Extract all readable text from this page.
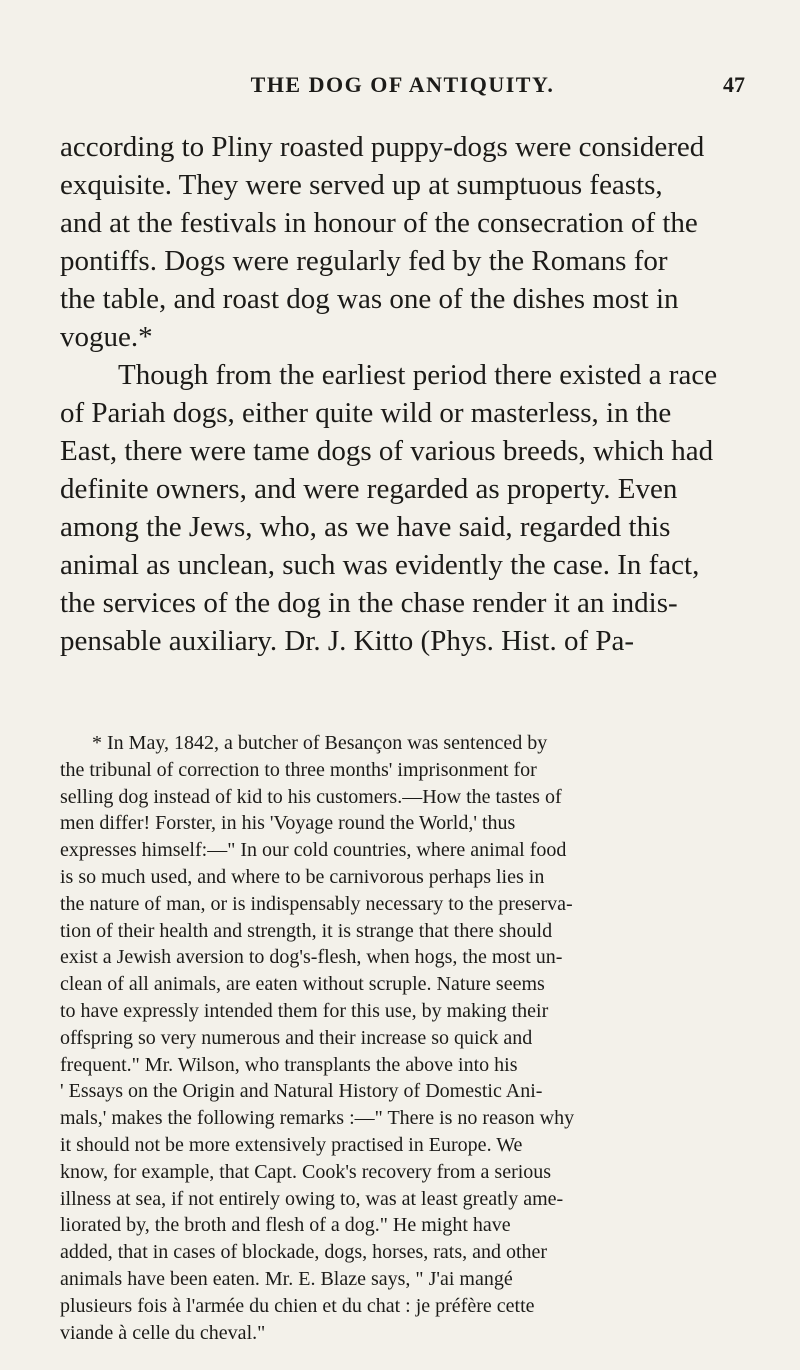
THE DOG OF ANTIQUITY.	47

according to Pliny roasted puppy-dogs were considered
exquisite. They were served up at sumptuous feasts,
and at the festivals in honour of the consecration of the
pontiffs. Dogs were regularly fed by the Romans for
the table, and roast dog was one of the dishes most in
vogue.*

Though from the earliest period there existed a race
of Pariah dogs, either quite wild or masterless, in the
East, there were tame dogs of various breeds, which had
definite owners, and were regarded as property. Even
among the Jews, who, as we have said, regarded this
animal as unclean, such was evidently the case. In fact,
the services of the dog in the chase render it an indis-
pensable auxiliary. Dr. J. Kitto (Phys. Hist. of Pa-

* In May, 1842, a butcher of Besançon was sentenced by
the tribunal of correction to three months' imprisonment for
selling dog instead of kid to his customers.—How the tastes of
men differ! Forster, in his 'Voyage round the World,' thus
expresses himself:—" In our cold countries, where animal food
is so much used, and where to be carnivorous perhaps lies in
the nature of man, or is indispensably necessary to the preserva-
tion of their health and strength, it is strange that there should
exist a Jewish aversion to dog's-flesh, when hogs, the most un-
clean of all animals, are eaten without scruple. Nature seems
to have expressly intended them for this use, by making their
offspring so very numerous and their increase so quick and
frequent." Mr. Wilson, who transplants the above into his
' Essays on the Origin and Natural History of Domestic Ani-
mals,' makes the following remarks :—" There is no reason why
it should not be more extensively practised in Europe. We
know, for example, that Capt. Cook's recovery from a serious
illness at sea, if not entirely owing to, was at least greatly ame-
liorated by, the broth and flesh of a dog." He might have
added, that in cases of blockade, dogs, horses, rats, and other
animals have been eaten. Mr. E. Blaze says, " J'ai mangé
plusieurs fois à l'armée du chien et du chat : je préfère cette
viande à celle du cheval."
